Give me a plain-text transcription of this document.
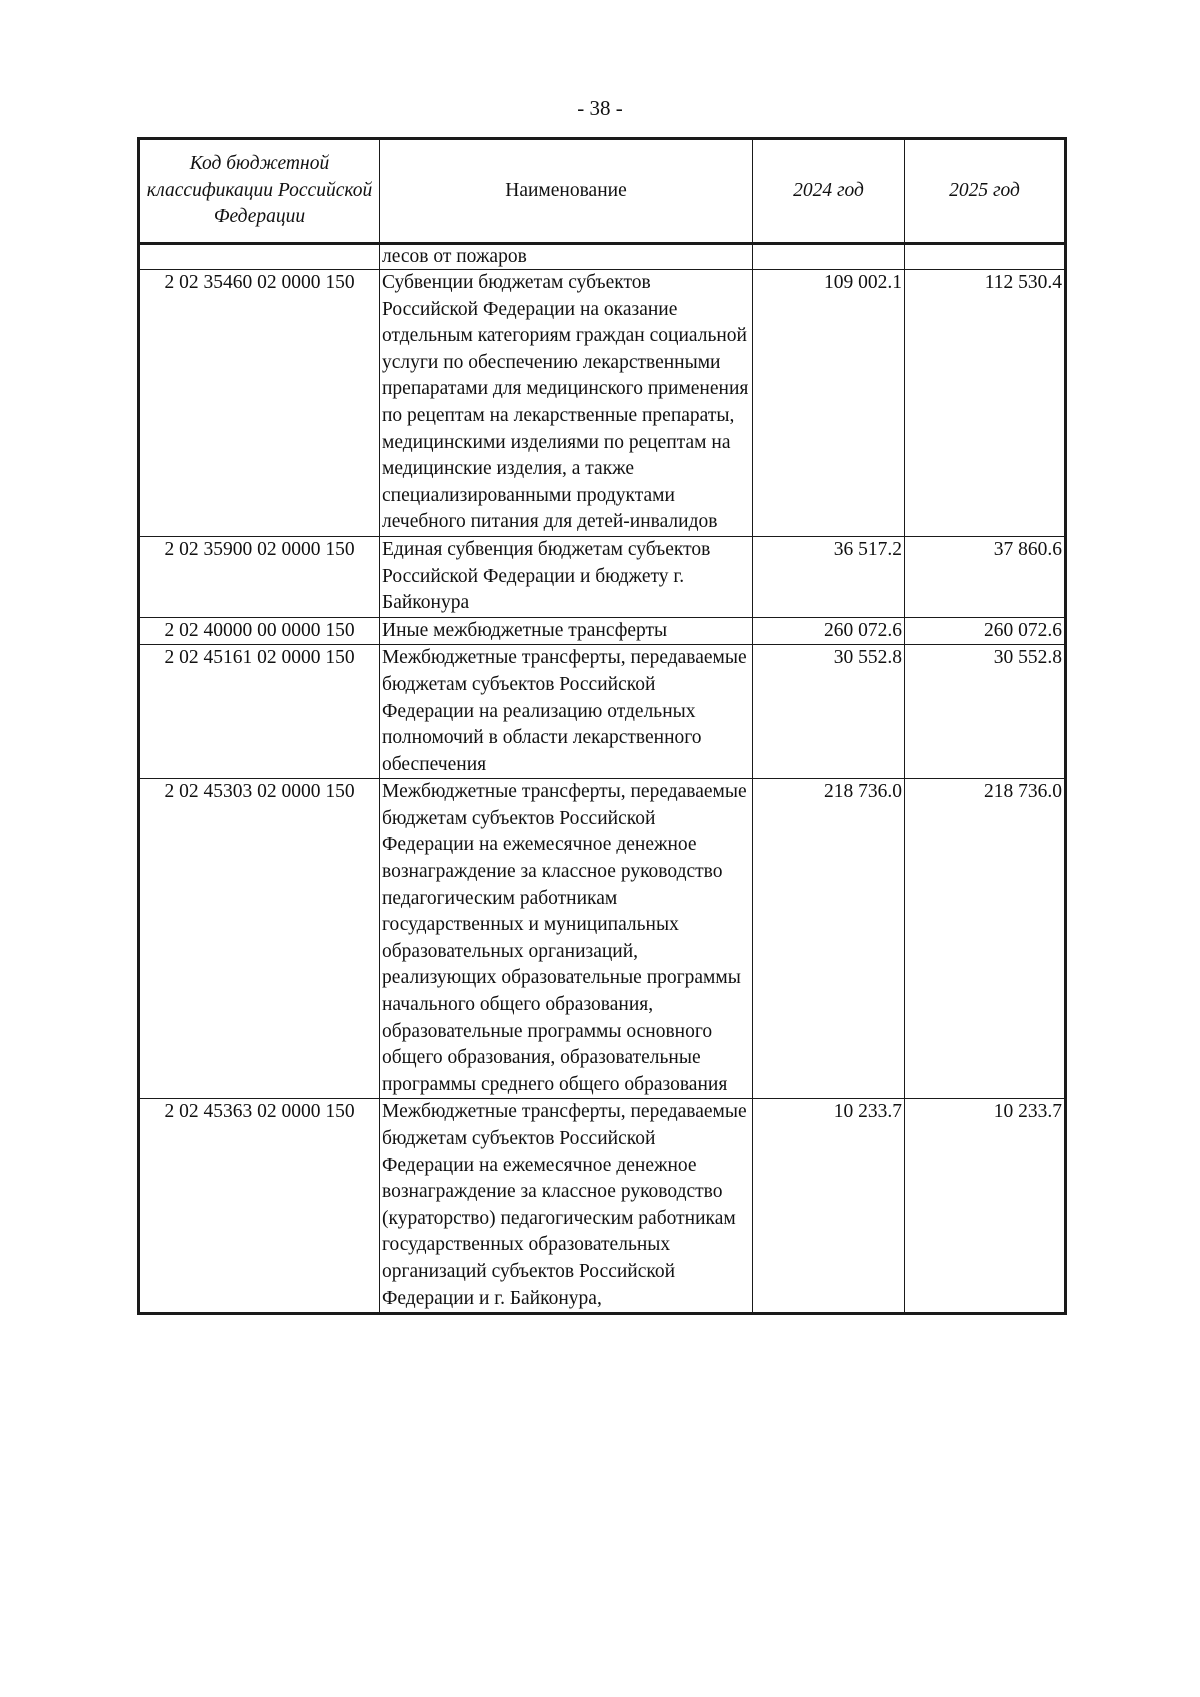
- 38 -
Код бюджетной классификации Российской Федерации	Наименование	2024 год	2025 год
	лесов от пожаров		
2 02 35460 02 0000 150	Субвенции бюджетам субъектов Российской Федерации на оказание отдельным категориям граждан социальной услуги по обеспечению лекарственными препаратами для медицинского применения по рецептам на лекарственные препараты, медицинскими изделиями по рецептам на медицинские изделия, а также специализированными продуктами лечебного питания для детей-инвалидов	109 002.1	112 530.4
2 02 35900 02 0000 150	Единая субвенция бюджетам субъектов Российской Федерации и бюджету г. Байконура	36 517.2	37 860.6
2 02 40000 00 0000 150	Иные межбюджетные трансферты	260 072.6	260 072.6
2 02 45161 02 0000 150	Межбюджетные трансферты, передаваемые бюджетам субъектов Российской Федерации на реализацию отдельных полномочий в области лекарственного обеспечения	30 552.8	30 552.8
2 02 45303 02 0000 150	Межбюджетные трансферты, передаваемые бюджетам субъектов Российской Федерации на ежемесячное денежное вознаграждение за классное руководство педагогическим работникам государственных и муниципальных образовательных организаций, реализующих образовательные программы начального общего образования, образовательные программы основного общего образования, образовательные программы среднего общего образования	218 736.0	218 736.0
2 02 45363 02 0000 150	Межбюджетные трансферты, передаваемые бюджетам субъектов Российской Федерации на ежемесячное денежное вознаграждение за классное руководство (кураторство) педагогическим работникам государственных образовательных организаций субъектов Российской Федерации и г. Байконура,	10 233.7	10 233.7
